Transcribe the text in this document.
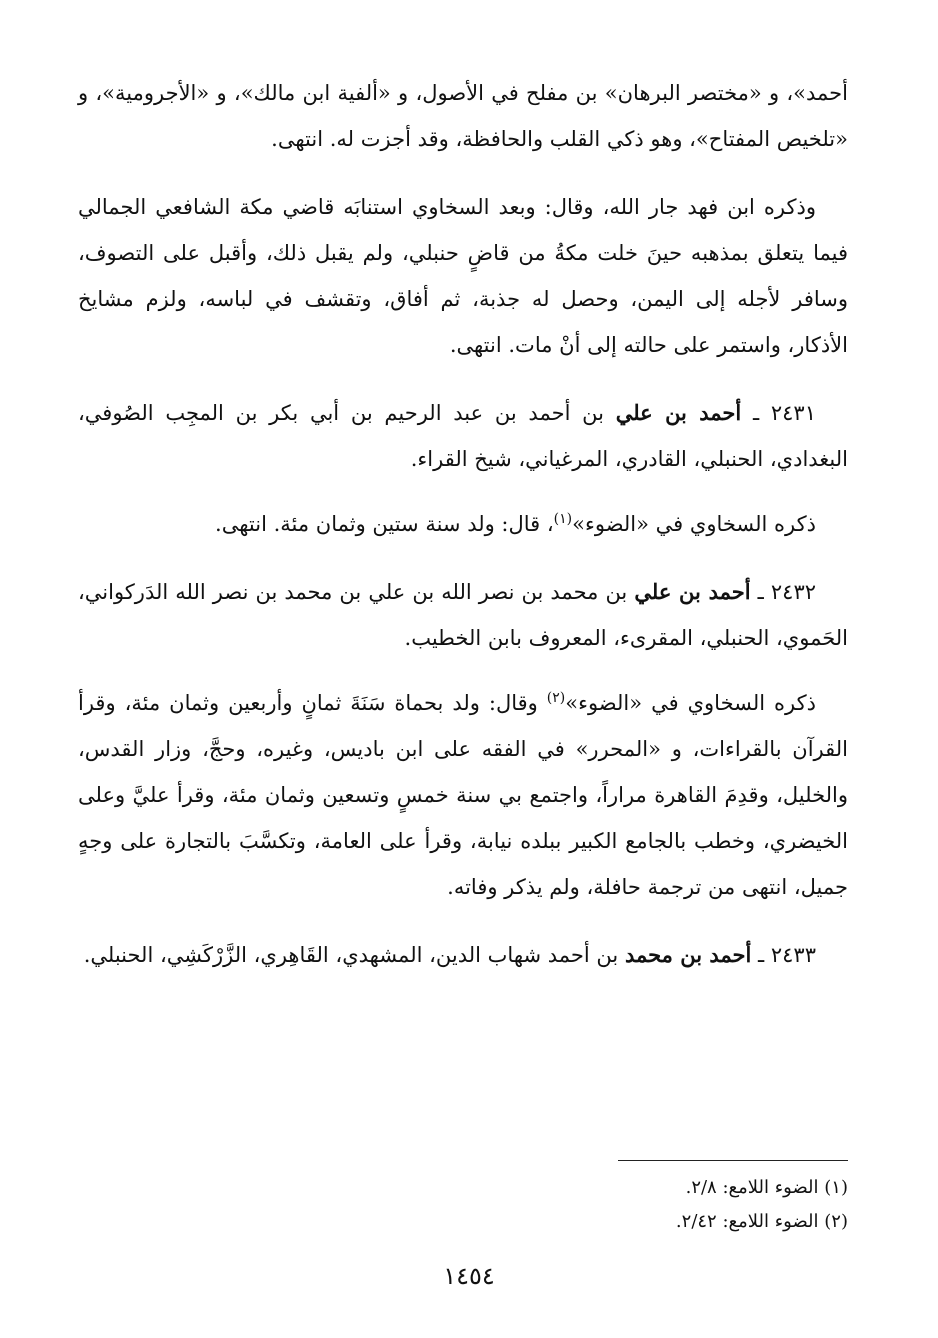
أحمد»، و «مختصر البرهان» بن مفلح في الأصول، و «ألفية ابن مالك»، و «الأجرومية»، و «تلخيص المفتاح»، وهو ذكي القلب والحافظة، وقد أجزت له. انتهى.

وذكره ابن فهد جار الله، وقال: وبعد السخاوي استنابَه قاضي مكة الشافعي الجمالي فيما يتعلق بمذهبه حينَ خلت مكةُ من قاضٍ حنبلي، ولم يقبل ذلك، وأقبل على التصوف، وسافر لأجله إلى اليمن، وحصل له جذبة، ثم أفاق، وتقشف في لباسه، ولزم مشايخ الأذكار، واستمر على حالته إلى أنْ مات. انتهى.

٢٤٣١ ـ أحمد بن علي بن أحمد بن عبد الرحيم بن أبي بكر بن المجِب الصُوفي، البغدادي، الحنبلي، القادري، المرغياني، شيخ القراء.
ذكره السخاوي في «الضوء»$^{(١)}$، قال: ولد سنة ستين وثمان مئة. انتهى.
٢٤٣٢ ـ أحمد بن علي بن محمد بن نصر الله بن علي بن محمد بن نصر الله الدَركواني، الحَموي، الحنبلي، المقرىء، المعروف بابن الخطيب.
ذكره السخاوي في «الضوء»$^{(٢)}$ وقال: ولد بحماة سَنَةَ ثمانٍ وأربعين وثمان مئة، وقرأ القرآن بالقراءات، و «المحرر» في الفقه على ابن باديس، وغيره، وحجَّ، وزار القدس، والخليل، وقدِمَ القاهرة مراراً، واجتمع بي سنة خمسٍ وتسعين وثمان مئة، وقرأ عليَّ وعلى الخيضري، وخطب بالجامع الكبير ببلده نيابة، وقرأ على العامة، وتكسَّبَ بالتجارة على وجهٍ جميل، انتهى من ترجمة حافلة، ولم يذكر وفاته.
٢٤٣٣ ـ أحمد بن محمد بن أحمد شهاب الدين، المشهدي، القَاهِري، الزَّرْكَشِي، الحنبلي.

(١) الضوء اللامع: ٢/٨.

(٢) الضوء اللامع: ٢/٤٢.

١٤٥٤
